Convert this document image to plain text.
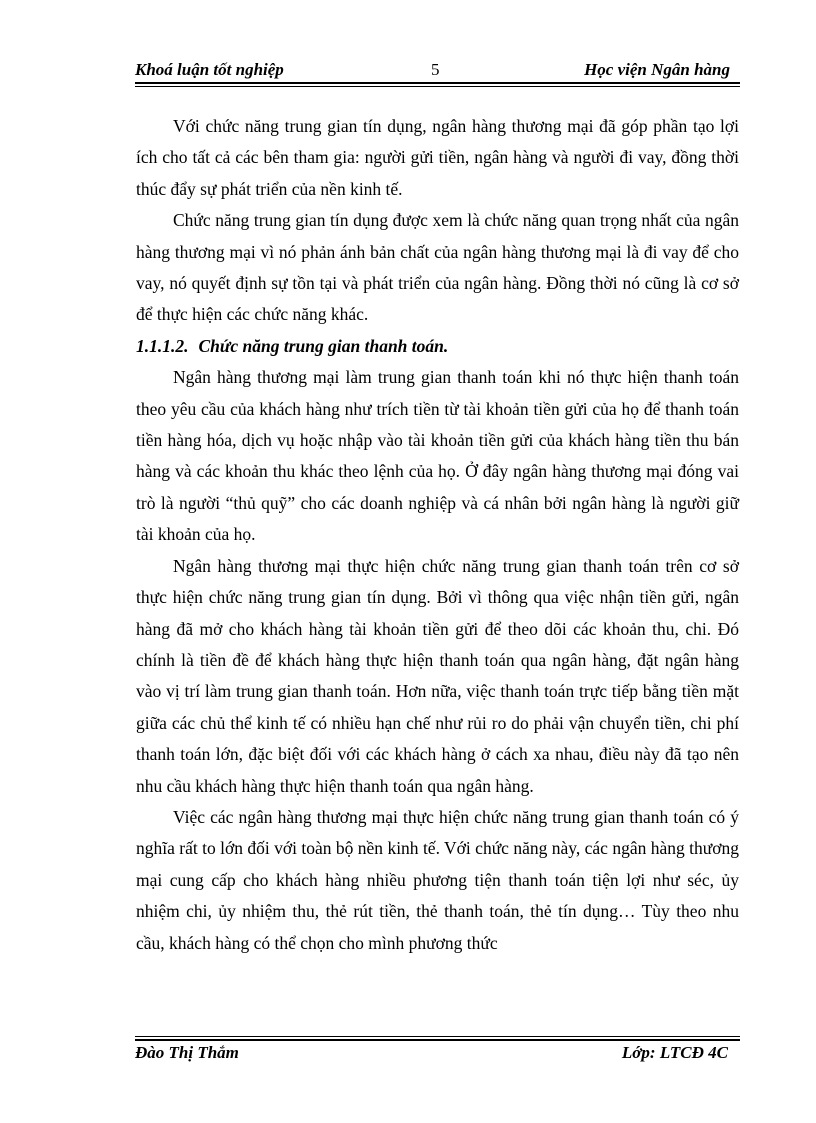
Khoá luận tốt nghiệp	5	Học viện Ngân hàng

Với chức năng trung gian tín dụng, ngân hàng thương mại đã góp phần tạo lợi ích cho tất cả các bên tham gia: người gửi tiền, ngân hàng và người đi vay, đồng thời thúc đẩy sự phát triển của nền kinh tế.

Chức năng trung gian tín dụng được xem là chức năng quan trọng nhất của ngân hàng thương mại vì nó phản ánh bản chất của ngân hàng thương mại là đi vay để cho vay, nó quyết định sự tồn tại và phát triển của ngân hàng. Đồng thời nó cũng là cơ sở để thực hiện các chức năng khác.

1.1.1.2. Chức năng trung gian thanh toán.

Ngân hàng thương mại làm trung gian thanh toán khi nó thực hiện thanh toán theo yêu cầu của khách hàng như trích tiền từ tài khoản tiền gửi của họ để thanh toán tiền hàng hóa, dịch vụ hoặc nhập vào tài khoản tiền gửi của khách hàng tiền thu bán hàng và các khoản thu khác theo lệnh của họ. Ở đây ngân hàng thương mại đóng vai trò là người “thủ quỹ” cho các doanh nghiệp và cá nhân bởi ngân hàng là người giữ tài khoản của họ.

Ngân hàng thương mại thực hiện chức năng trung gian thanh toán trên cơ sở thực hiện chức năng trung gian tín dụng. Bởi vì thông qua việc nhận tiền gửi, ngân hàng đã mở cho khách hàng tài khoản tiền gửi để theo dõi các khoản thu, chi. Đó chính là tiền đề để khách hàng thực hiện thanh toán qua ngân hàng, đặt ngân hàng vào vị trí làm trung gian thanh toán. Hơn nữa, việc thanh toán trực tiếp bằng tiền mặt giữa các chủ thể kinh tế có nhiều hạn chế như rủi ro do phải vận chuyển tiền, chi phí thanh toán lớn, đặc biệt đối với các khách hàng ở cách xa nhau, điều này đã tạo nên nhu cầu khách hàng thực hiện thanh toán qua ngân hàng.

Việc các ngân hàng thương mại thực hiện chức năng trung gian thanh toán có ý nghĩa rất to lớn đối với toàn bộ nền kinh tế. Với chức năng này, các ngân hàng thương mại cung cấp cho khách hàng nhiều phương tiện thanh toán tiện lợi như séc, ủy nhiệm chi, ủy nhiệm thu, thẻ rút tiền, thẻ thanh toán, thẻ tín dụng… Tùy theo nhu cầu, khách hàng có thể chọn cho mình phương thức

Đào Thị Thắm	Lớp: LTCĐ 4C
